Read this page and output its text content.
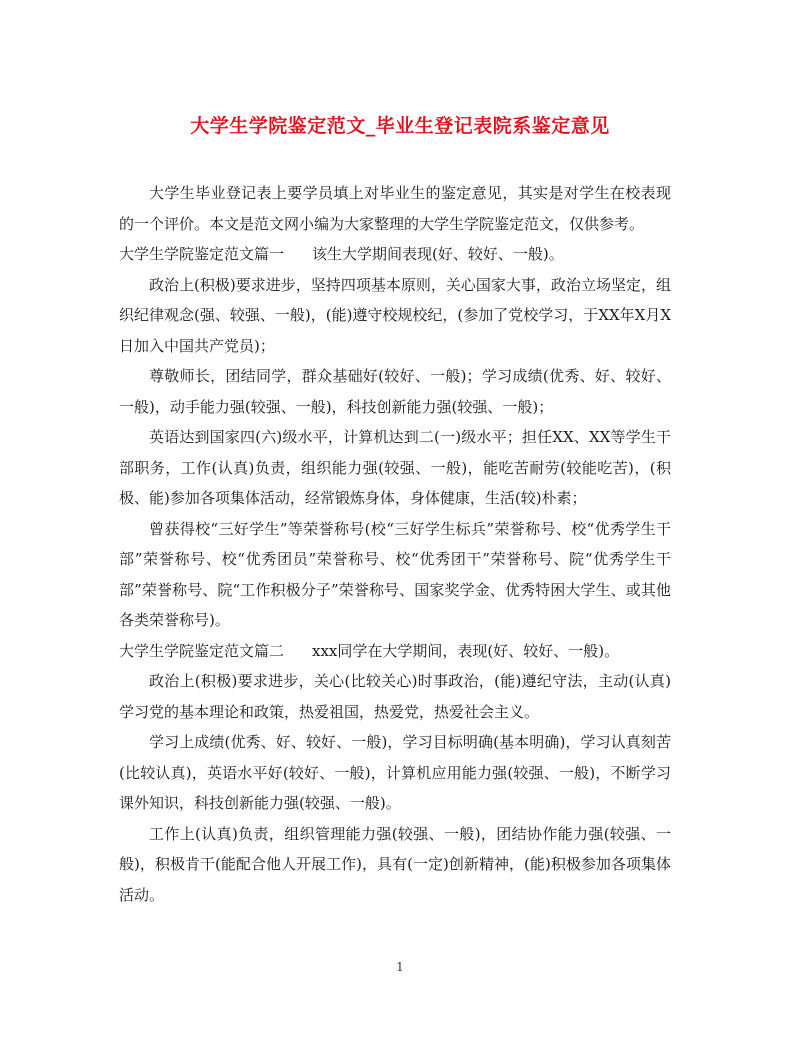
大学生学院鉴定范文_毕业生登记表院系鉴定意见

大学生毕业登记表上要学员填上对毕业生的鉴定意见，其实是对学生在校表现的一个评价。本文是范文网小编为大家整理的大学生学院鉴定范文，仅供参考。

大学生学院鉴定范文篇一 该生大学期间表现(好、较好、一般)。

政治上(积极)要求进步，坚持四项基本原则，关心国家大事，政治立场坚定，组织纪律观念(强、较强、一般)，(能)遵守校规校纪，(参加了党校学习，于XX年X月X日加入中国共产党员)；

尊敬师长，团结同学，群众基础好(较好、一般)；学习成绩(优秀、好、较好、一般)，动手能力强(较强、一般)，科技创新能力强(较强、一般)；

英语达到国家四(六)级水平，计算机达到二(一)级水平；担任XX、XX等学生干部职务，工作(认真)负责，组织能力强(较强、一般)，能吃苦耐劳(较能吃苦)，(积极、能)参加各项集体活动，经常锻炼身体，身体健康，生活(较)朴素；

曾获得校“三好学生”等荣誉称号(校“三好学生标兵”荣誉称号、校“优秀学生干部”荣誉称号、校“优秀团员”荣誉称号、校“优秀团干”荣誉称号、院“优秀学生干部”荣誉称号、院“工作积极分子”荣誉称号、国家奖学金、优秀特困大学生、或其他各类荣誉称号)。

大学生学院鉴定范文篇二 xxx同学在大学期间，表现(好、较好、一般)。

政治上(积极)要求进步，关心(比较关心)时事政治，(能)遵纪守法，主动(认真)学习党的基本理论和政策，热爱祖国，热爱党，热爱社会主义。

学习上成绩(优秀、好、较好、一般)，学习目标明确(基本明确)，学习认真刻苦(比较认真)，英语水平好(较好、一般)，计算机应用能力强(较强、一般)，不断学习课外知识，科技创新能力强(较强、一般)。

工作上(认真)负责，组织管理能力强(较强、一般)，团结协作能力强(较强、一般)，积极肯干(能配合他人开展工作)，具有(一定)创新精神，(能)积极参加各项集体活动。

1
